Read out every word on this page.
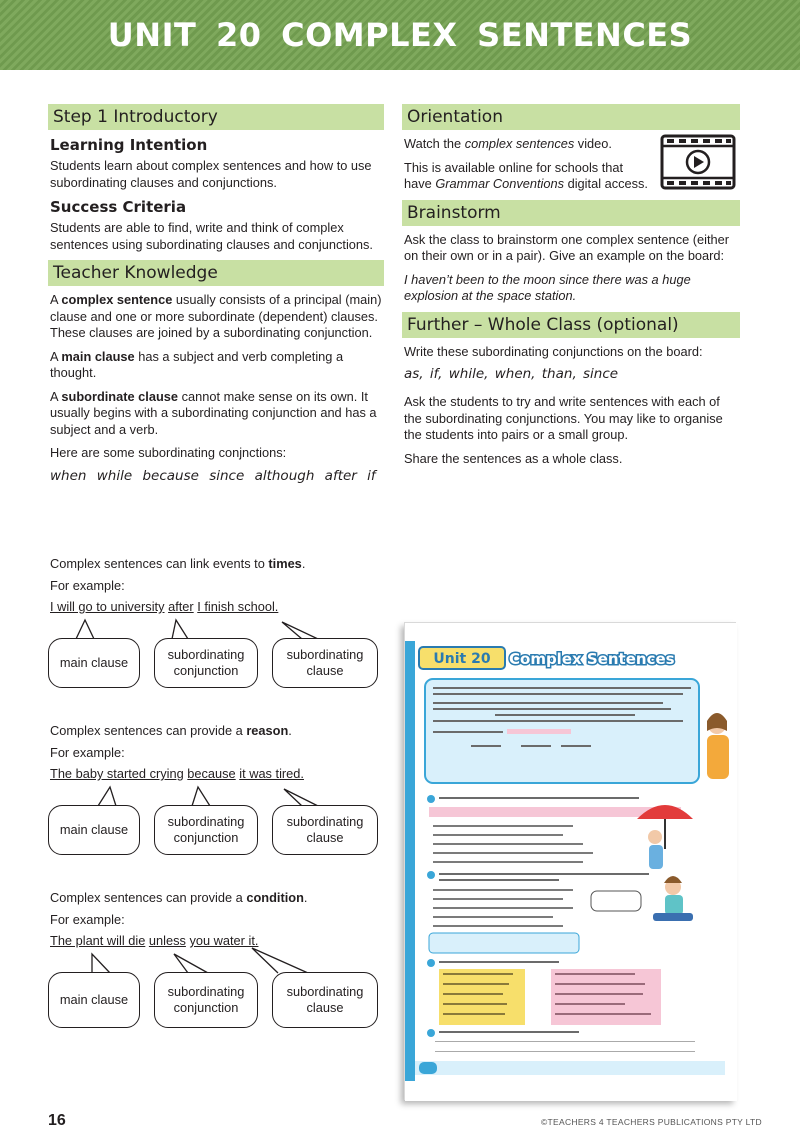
UNIT 20 COMPLEX SENTENCES
Step 1 Introductory
Learning Intention

Students learn about complex sentences and how to use subordinating clauses and conjunctions.

Success Criteria

Students are able to find, write and think of complex sentences using subordinating clauses and conjunctions.

Teacher Knowledge

A complex sentence usually consists of a principal (main) clause and one or more subordinate (dependent) clauses. These clauses are joined by a subordinating conjunction.

A main clause has a subject and verb completing a thought.

A subordinate clause cannot make sense on its own. It usually begins with a subordinating conjunction and has a subject and a verb.

Here are some subordinating conjnctions:

when while because since although after if
Orientation

Watch the complex sentences video.

This is available online for schools that have Grammar Conventions digital access.

Brainstorm

Ask the class to brainstorm one complex sentence (either on their own or in a pair). Give an example on the board:

I haven’t been to the moon since there was a huge explosion at the space station.

Further – Whole Class (optional)

Write these subordinating conjunctions on the board:

as, if, while, when, than, since

Ask the students to try and write sentences with each of the subordinating conjunctions. You may like to organise the students into pairs or a small group.

Share the sentences as a whole class.

Complex sentences can link events to times.

For example:

I will go to university after I finish school.

main clause
subordinating conjunction
subordinating clause

Complex sentences can provide a reason.

For example:

The baby started crying because it was tired.

main clause
subordinating conjunction
subordinating clause

Complex sentences can provide a condition.

For example:

The plant will die unless you water it.

main clause
subordinating conjunction
subordinating clause
Unit 20 Complex Sentences
16	©TEACHERS 4 TEACHERS PUBLICATIONS PTY LTD
